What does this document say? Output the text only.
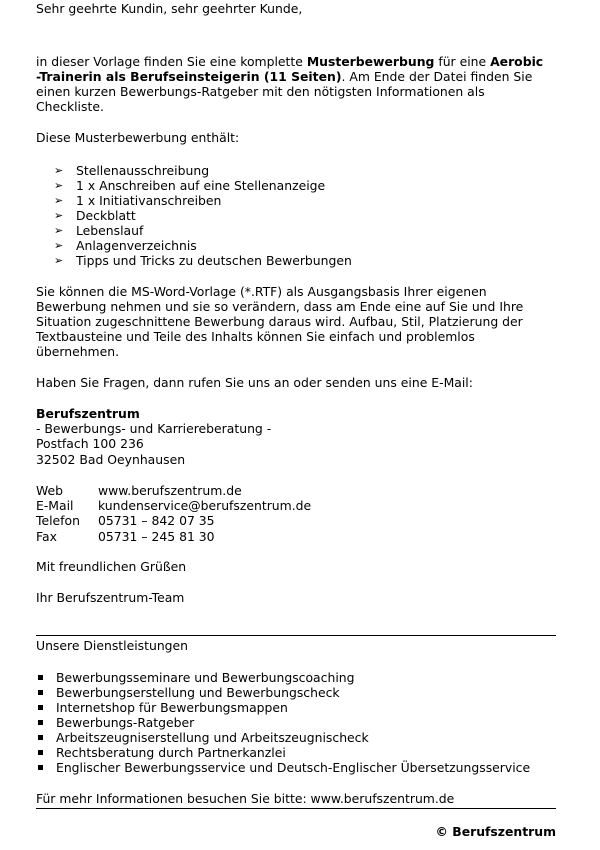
Sehr geehrte Kundin, sehr geehrter Kunde,
in dieser Vorlage finden Sie eine komplette Musterbewerbung für eine Aerobic
-Trainerin als Berufseinsteigerin (11 Seiten). Am Ende der Datei finden Sie
einen kurzen Bewerbungs-Ratgeber mit den nötigsten Informationen als
Checkliste.
Diese Musterbewerbung enthält:
➢ Stellenausschreibung
➢ 1 x Anschreiben auf eine Stellenanzeige
➢ 1 x Initiativanschreiben
➢ Deckblatt
➢ Lebenslauf
➢ Anlagenverzeichnis
➢ Tipps und Tricks zu deutschen Bewerbungen
Sie können die MS-Word-Vorlage (*.RTF) als Ausgangsbasis Ihrer eigenen
Bewerbung nehmen und sie so verändern, dass am Ende eine auf Sie und Ihre
Situation zugeschnittene Bewerbung daraus wird. Aufbau, Stil, Platzierung der
Textbausteine und Teile des Inhalts können Sie einfach und problemlos
übernehmen.
Haben Sie Fragen, dann rufen Sie uns an oder senden uns eine E-Mail:
Berufszentrum
- Bewerbungs- und Karriereberatung -
Postfach 100 236
32502 Bad Oeynhausen
Web	www.berufszentrum.de
E-Mail kundenservice@berufszentrum.de
Telefon 05731 – 842 07 35
Fax	05731 – 245 81 30
Mit freundlichen Grüßen
Ihr Berufszentrum-Team
Unsere Dienstleistungen
Bewerbungsseminare und Bewerbungscoaching
Bewerbungserstellung und Bewerbungscheck
Internetshop für Bewerbungsmappen
Bewerbungs-Ratgeber
Arbeitszeugniserstellung und Arbeitszeugnischeck
Rechtsberatung durch Partnerkanzlei
Englischer Bewerbungsservice und Deutsch-Englischer Übersetzungsservice
Für mehr Informationen besuchen Sie bitte: www.berufszentrum.de
© Berufszentrum
